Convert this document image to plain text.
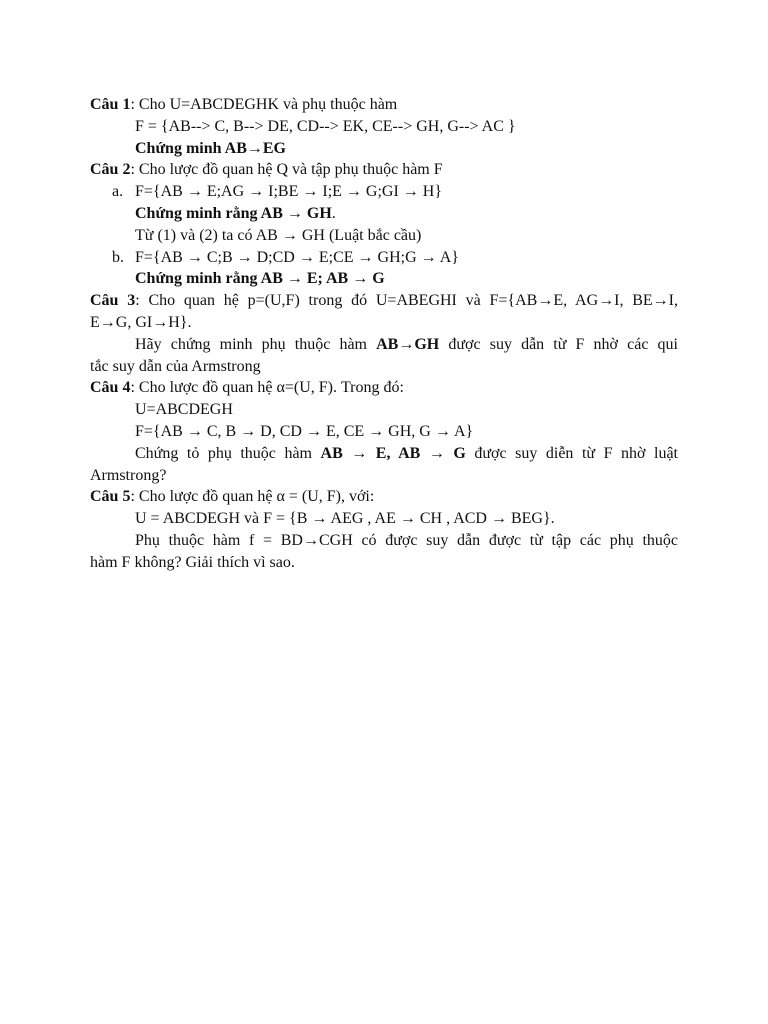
Câu 1: Cho U=ABCDEGHK và phụ thuộc hàm
F = {AB--> C, B--> DE, CD--> EK, CE--> GH, G--> AC }
Chứng minh AB→EG
Câu 2: Cho lược đồ quan hệ Q và tập phụ thuộc hàm F
a. F={AB → E;AG → I;BE → I;E → G;GI → H}
Chứng minh rằng AB → GH.
Từ (1) và (2) ta có AB → GH (Luật bắc cầu)
b. F={AB → C;B → D;CD → E;CE → GH;G → A}
Chứng minh rằng AB → E; AB → G
Câu 3: Cho quan hệ p=(U,F) trong đó U=ABEGHI và F={AB→E, AG→I, BE→I,
E→G, GI→H}.
Hãy chứng minh phụ thuộc hàm AB→GH được suy dẫn từ F nhờ các qui
tắc suy dẫn của Armstrong
Câu 4: Cho lược đồ quan hệ α=(U, F). Trong đó:
U=ABCDEGH
F={AB → C, B → D, CD → E, CE → GH, G → A}
Chứng tỏ phụ thuộc hàm AB → E, AB → G được suy diễn từ F nhờ luật
Armstrong?
Câu 5: Cho lược đồ quan hệ α = (U, F), với:
U = ABCDEGH và F = {B → AEG , AE → CH , ACD → BEG}.
Phụ thuộc hàm f = BD→CGH có được suy dẫn được từ tập các phụ thuộc
hàm F không? Giải thích vì sao.
